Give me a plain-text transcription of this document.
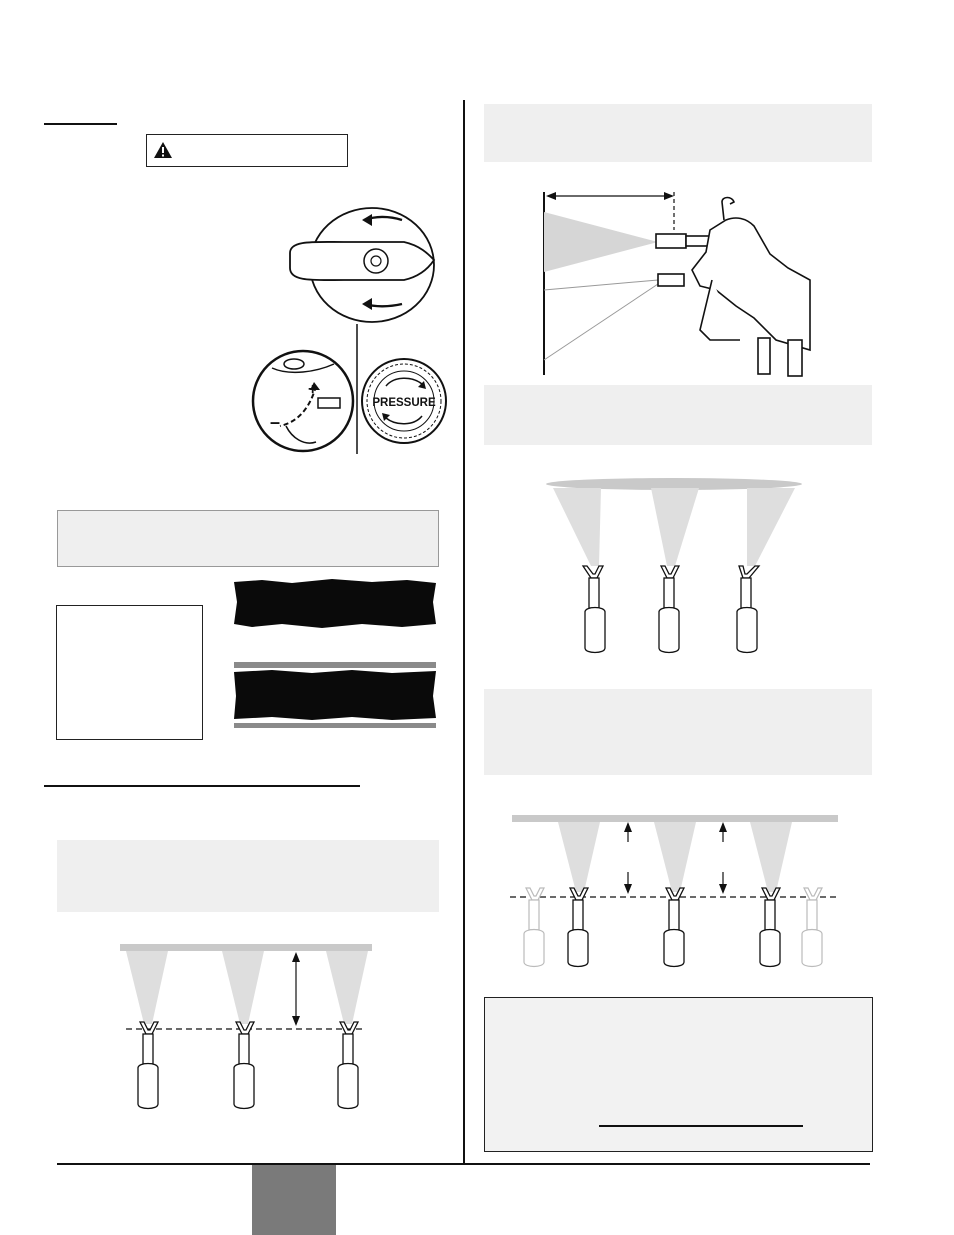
+
–
PRESSURE
